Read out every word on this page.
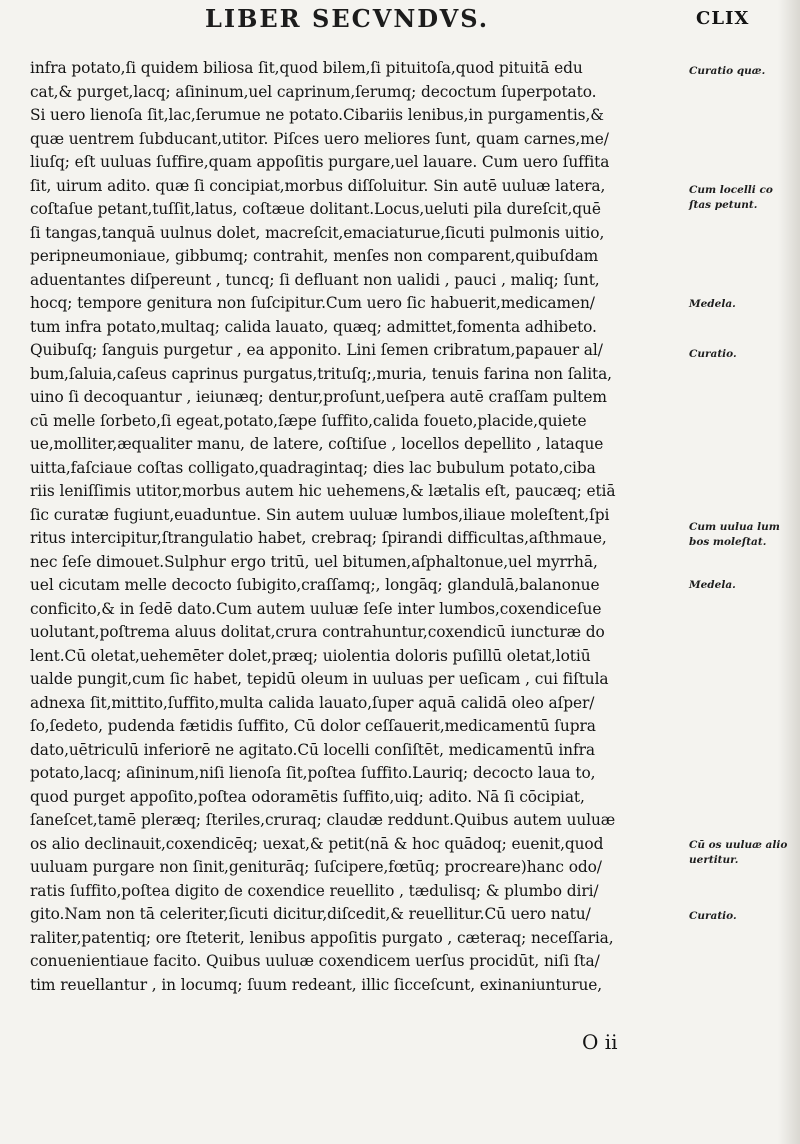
LIBER SECVNDVS.	CLIX
infra potato,ſi quidem biliosa ſit,quod bilem,ſi pituitoſa,quod pituitā edu
cat,& purget,lacq; aſininum,uel caprinum,ſerumq; decoctum ſuperpotato.
Si uero lienoſa ſit,lac,ſerumue ne potato.Cibariis lenibus,in purgamentis,&
quæ uentrem ſubducant,utitor. Piſces uero meliores ſunt, quam carnes,me/
liuſq; eſt uuluas ſuffire,quam appoſitis purgare,uel lauare. Cum uero ſuffita
ſit, uirum adito. quæ ſi concipiat,morbus diſſoluitur. Sin autē uuluæ latera,
coſtaſue petant,tuſſit,latus, coſtæue dolitant.Locus,ueluti pila dureſcit,quē
ſi tangas,tanquā uulnus dolet, macreſcit,emaciaturue,ſicuti pulmonis uitio,
peripneumoniaue, gibbumq; contrahit, menſes non comparent,quibuſdam
aduentantes diſpereunt , tuncq; ſi defluant non ualidi , pauci , maliq; ſunt,
hocq; tempore genitura non ſuſcipitur.Cum uero ſic habuerit,medicamen/
tum infra potato,multaq; calida lauato, quæq; admittet,fomenta adhibeto.
Quibuſq; ſanguis purgetur , ea apponito. Lini ſemen cribratum,papauer al/
bum,ſaluia,caſeus caprinus purgatus,trituſq;,muria, tenuis farina non ſalita,
uino ſi decoquantur , ieiunæq; dentur,proſunt,ueſpera autē craſſam pultem
cū melle ſorbeto,ſi egeat,potato,ſæpe ſuffito,calida foueto,placide,quiete
ue,molliter,æqualiter manu, de latere, coſtiſue , locellos depellito , lataque
uitta,faſciaue coſtas colligato,quadragintaq; dies lac bubulum potato,ciba
riis leniſſimis utitor,morbus autem hic uehemens,& lætalis eſt, paucæq; etiā
ſic curatæ fugiunt,euaduntue. Sin autem uuluæ lumbos,iliaue moleſtent,ſpi
ritus intercipitur,ſtrangulatio habet, crebraq; ſpirandi difficultas,aſthmaue,
nec ſeſe dimouet.Sulphur ergo tritū, uel bitumen,aſphaltonue,uel myrrhā,
uel cicutam melle decocto ſubigito,craſſamq;, longāq; glandulā,balanonue
conficito,& in ſedē dato.Cum autem uuluæ ſeſe inter lumbos,coxendiceſue
uolutant,poſtrema aluus dolitat,crura contrahuntur,coxendicū iuncturæ do
lent.Cū oletat,uehemēter dolet,præq; uiolentia doloris puſillū oletat,lotiū
ualde pungit,cum ſic habet, tepidū oleum in uuluas per ueſicam , cui fiſtula
adnexa ſit,mittito,ſuffito,multa calida lauato,ſuper aquā calidā oleo aſper/
ſo,ſedeto, pudenda fætidis ſuffito, Cū dolor ceſſauerit,medicamentū ſupra
dato,uētriculū inferiorē ne agitato.Cū locelli conſiſtēt, medicamentū infra
potato,lacq; aſininum,niſi lienoſa ſit,poſtea ſuffito.Lauriq; decocto laua to,
quod purget appoſito,poſtea odoramētis ſuffito,uiq; adito. Nā ſi cōcipiat,
ſaneſcet,tamē pleræq; ſteriles,cruraq; claudæ reddunt.Quibus autem uuluæ
os alio declinauit,coxendicēq; uexat,& petit(nā & hoc quādoq; euenit,quod
uuluam purgare non ſinit,geniturāq; ſuſcipere,fœtūq; procreare)hanc odo/
ratis ſuffito,poſtea digito de coxendice reuellito , tædulisq; & plumbo diri/
gito.Nam non tā celeriter,ſicuti dicitur,diſcedit,& reuellitur.Cū uero natu/
raliter,patentiq; ore ſteterit, lenibus appoſitis purgato , cæteraq; neceſſaria,
conuenientiaue facito. Quibus uuluæ coxendicem uerſus procidūt, niſi ſta/
tim reuellantur , in locumq; ſuum redeant, illic ſicceſcunt, exinaniunturue,
Curatio quæ.
Cum locelli co ſtas petunt.
Medela.
Curatio.
Cum uulua lum bos moleſtat.
Medela.
Cū os uuluæ alio uertitur.
Curatio.
O ii
